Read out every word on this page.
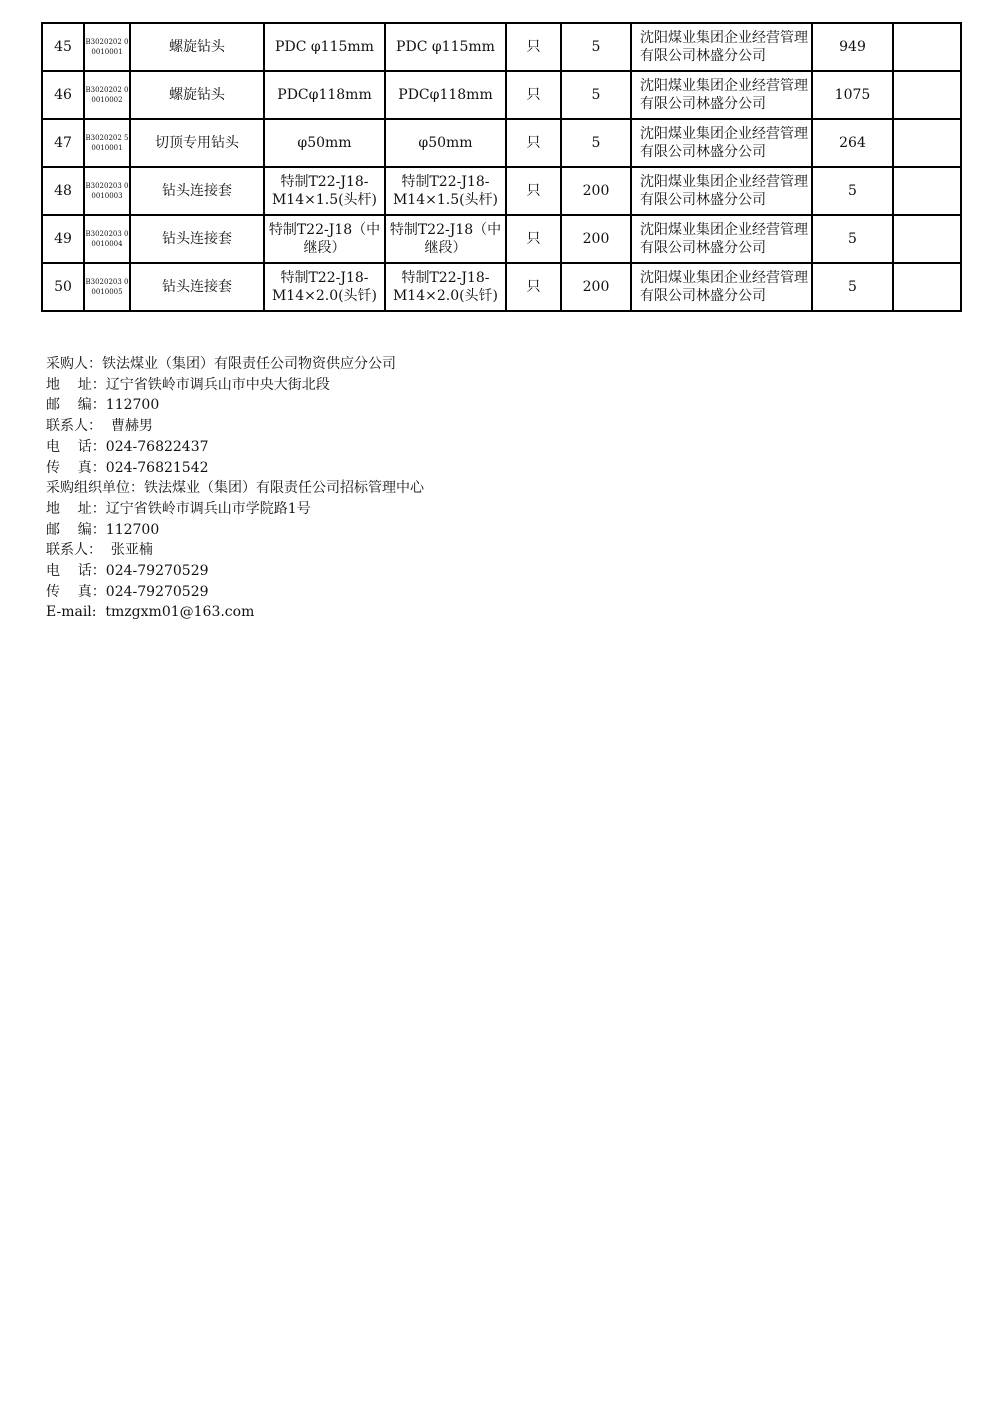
45	B3020202 00010001	螺旋钻头	PDC φ115mm	PDC φ115mm	只	5	沈阳煤业集团企业经营管理有限公司林盛分公司	949	

46	B3020202 00010002	螺旋钻头	PDCφ118mm	PDCφ118mm	只	5	沈阳煤业集团企业经营管理有限公司林盛分公司	1075	

47	B3020202 50010001	切顶专用钻头	φ50mm	φ50mm	只	5	沈阳煤业集团企业经营管理有限公司林盛分公司	264	

48	B3020203 00010003	钻头连接套	特制T22-J18-M14×1.5(头杆)	特制T22-J18-M14×1.5(头杆)	只	200	沈阳煤业集团企业经营管理有限公司林盛分公司	5	

49	B3020203 00010004	钻头连接套	特制T22-J18（中继段）	特制T22-J18（中继段）	只	200	沈阳煤业集团企业经营管理有限公司林盛分公司	5	

50	B3020203 00010005	钻头连接套	特制T22-J18-M14×2.0(头钎)	特制T22-J18-M14×2.0(头钎)	只	200	沈阳煤业集团企业经营管理有限公司林盛分公司	5	

采购人：铁法煤业（集团）有限责任公司物资供应分公司
地    址：辽宁省铁岭市调兵山市中央大街北段
邮    编：112700
联系人：  曹赫男
电    话：024-76822437
传    真：024-76821542
采购组织单位：铁法煤业（集团）有限责任公司招标管理中心
地    址：辽宁省铁岭市调兵山市学院路1号
邮    编：112700
联系人：  张亚楠
电    话：024-79270529
传    真：024-79270529
E-mail:  tmzgxm01@163.com
